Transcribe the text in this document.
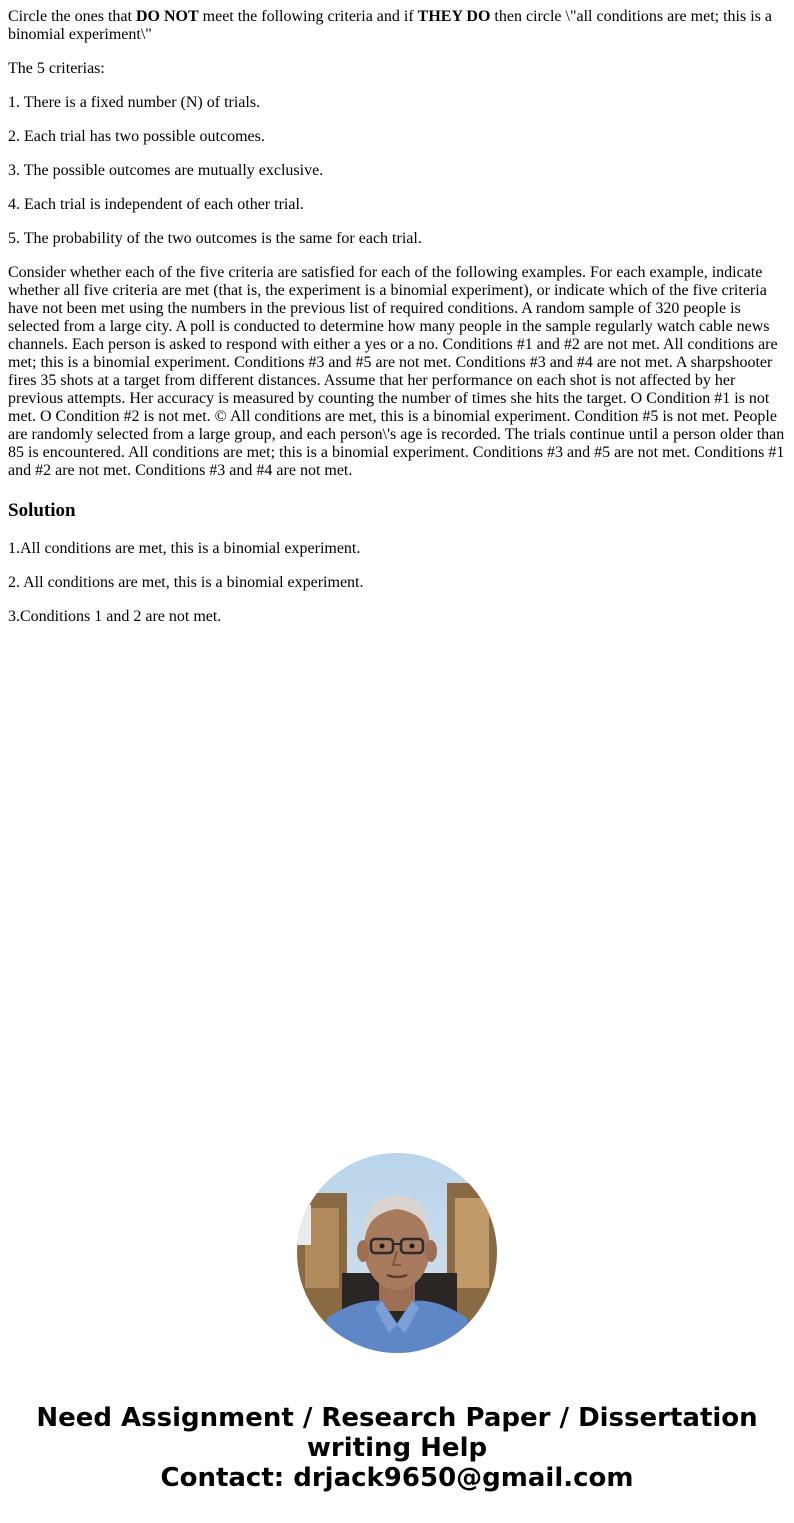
Circle the ones that DO NOT meet the following criteria and if THEY DO then circle \"all conditions are met; this is a binomial experiment\"

The 5 criterias:

1. There is a fixed number (N) of trials.

2. Each trial has two possible outcomes.

3. The possible outcomes are mutually exclusive.

4. Each trial is independent of each other trial.

5. The probability of the two outcomes is the same for each trial.

Consider whether each of the five criteria are satisfied for each of the following examples. For each example, indicate whether all five criteria are met (that is, the experiment is a binomial experiment), or indicate which of the five criteria have not been met using the numbers in the previous list of required conditions. A random sample of 320 people is selected from a large city. A poll is conducted to determine how many people in the sample regularly watch cable news channels. Each person is asked to respond with either a yes or a no. Conditions #1 and #2 are not met. All conditions are met; this is a binomial experiment. Conditions #3 and #5 are not met. Conditions #3 and #4 are not met. A sharpshooter fires 35 shots at a target from different distances. Assume that her performance on each shot is not affected by her previous attempts. Her accuracy is measured by counting the number of times she hits the target. O Condition #1 is not met. O Condition #2 is not met. © All conditions are met, this is a binomial experiment. Condition #5 is not met. People are randomly selected from a large group, and each person\'s age is recorded. The trials continue until a person older than 85 is encountered. All conditions are met; this is a binomial experiment. Conditions #3 and #5 are not met. Conditions #1 and #2 are not met. Conditions #3 and #4 are not met.

Solution

1.All conditions are met, this is a binomial experiment.

2. All conditions are met, this is a binomial experiment.

3.Conditions 1 and 2 are not met.

Need Assignment / Research Paper / Dissertation
writing Help
Contact: drjack9650@gmail.com
